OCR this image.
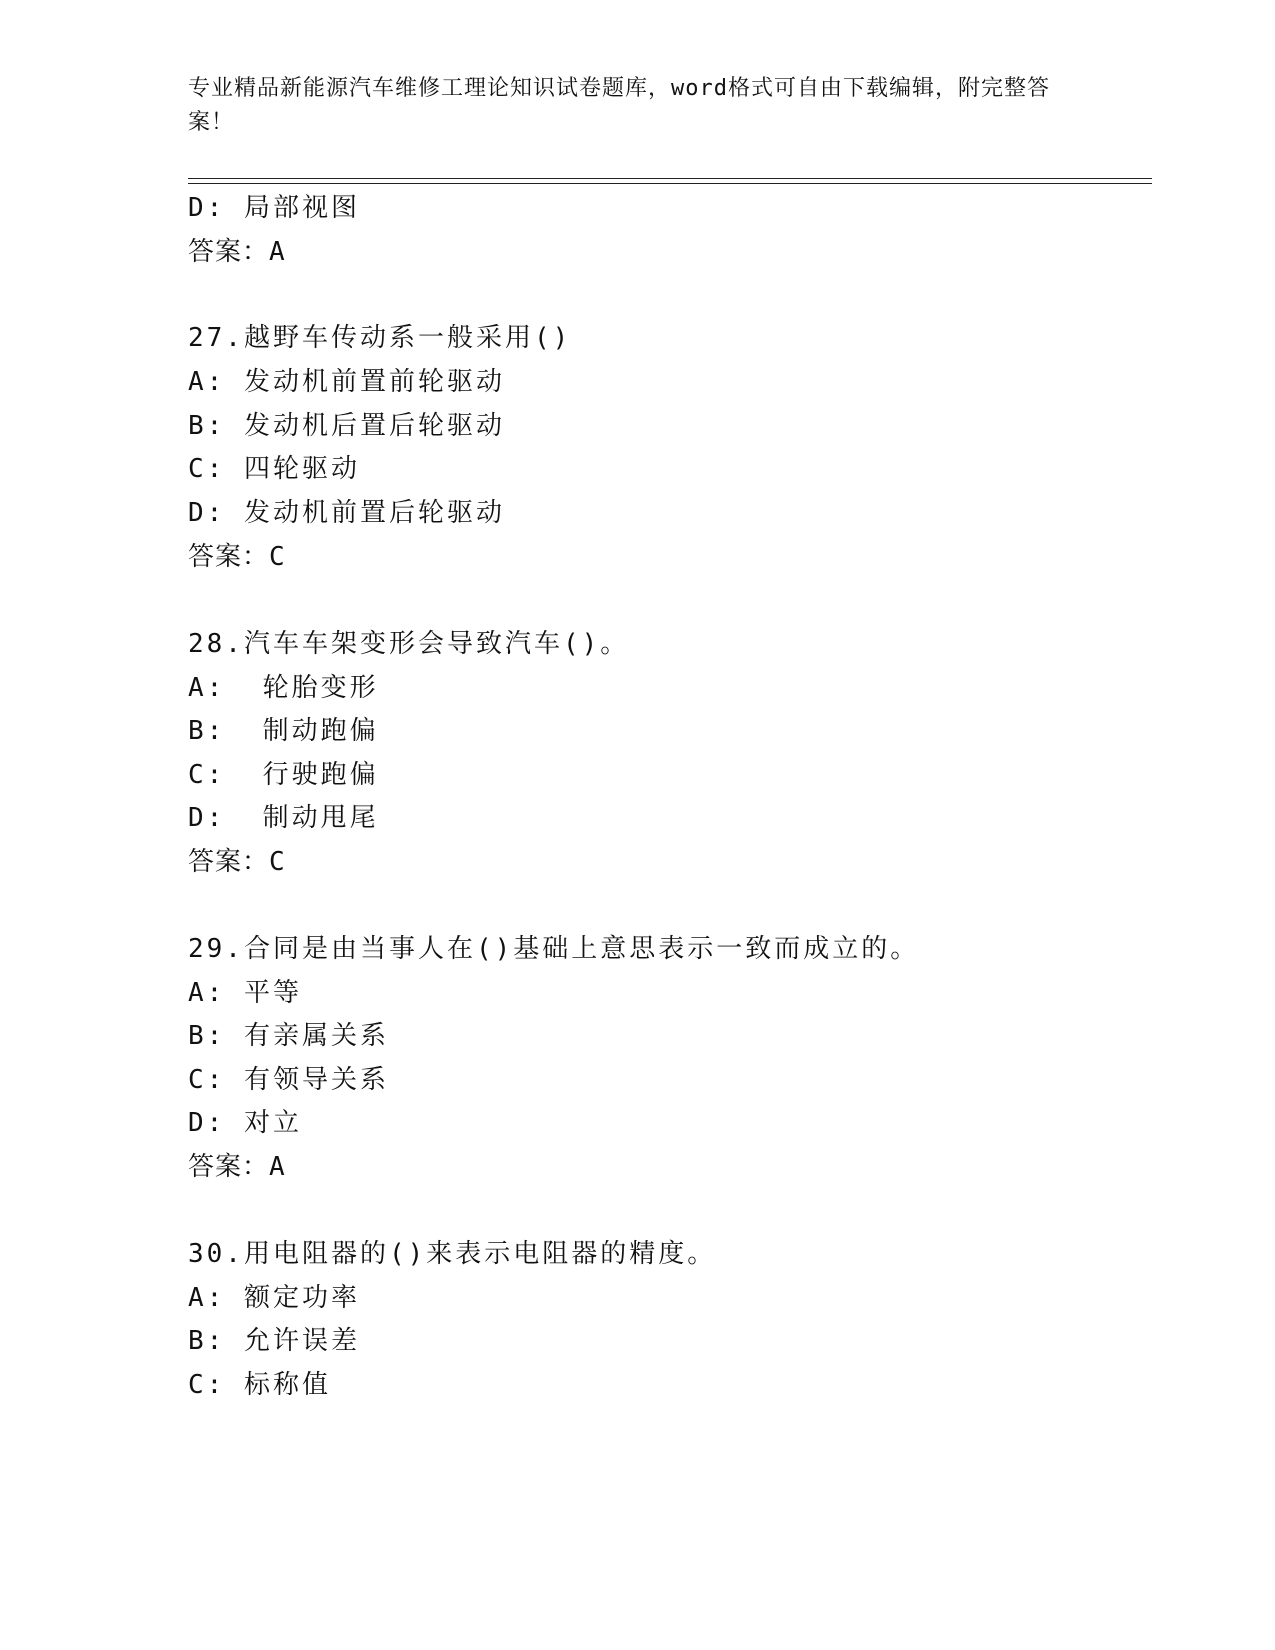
专业精品新能源汽车维修工理论知识试卷题库，word格式可自由下载编辑，附完整答案！
D: 局部视图
答案：A
27.越野车传动系一般采用()
A: 发动机前置前轮驱动
B: 发动机后置后轮驱动
C: 四轮驱动
D: 发动机前置后轮驱动
答案：C
28.汽车车架变形会导致汽车()。
A:  轮胎变形
B:  制动跑偏
C:  行驶跑偏
D:  制动甩尾
答案：C
29.合同是由当事人在()基础上意思表示一致而成立的。
A: 平等
B: 有亲属关系
C: 有领导关系
D: 对立
答案：A
30.用电阻器的()来表示电阻器的精度。
A: 额定功率
B: 允许误差
C: 标称值
